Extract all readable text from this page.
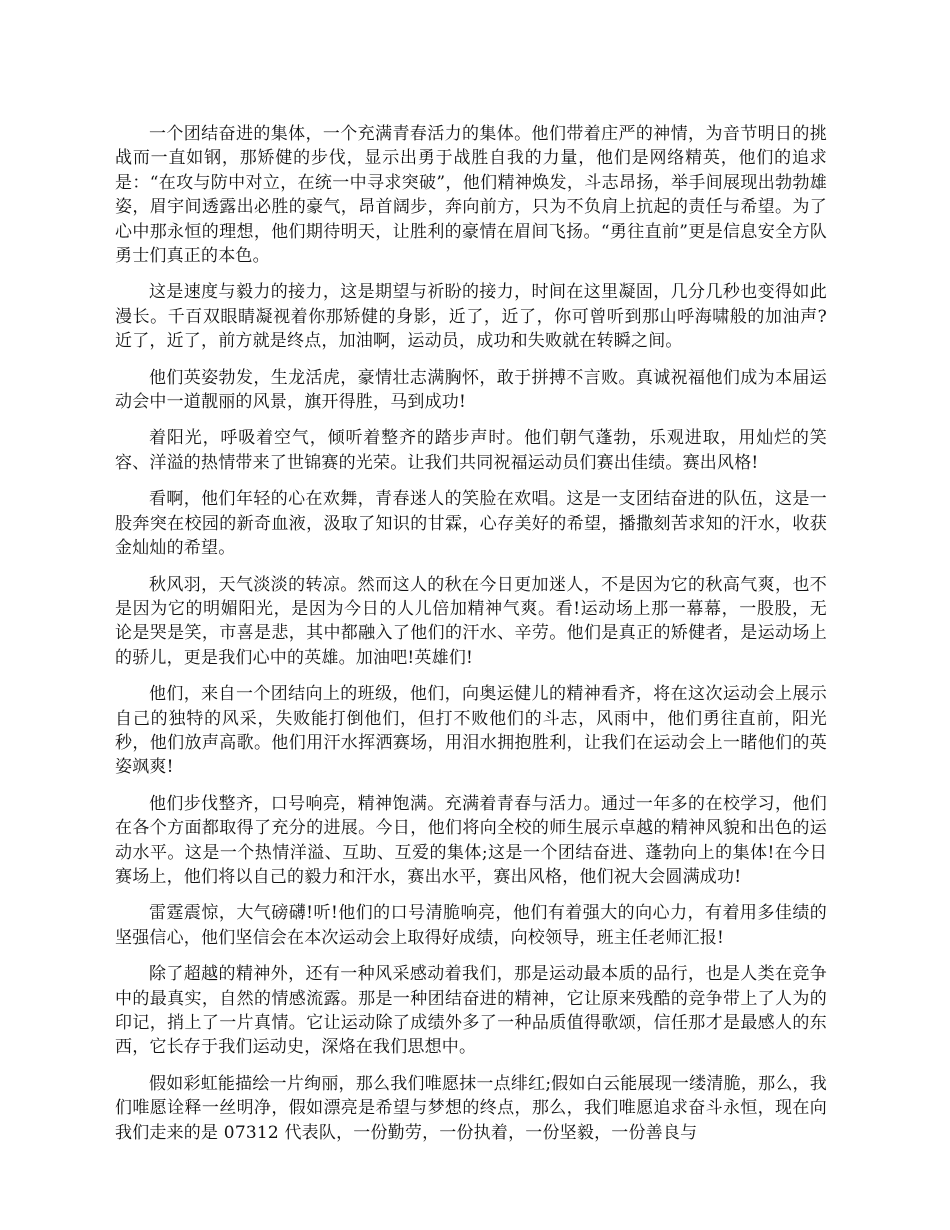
一个团结奋进的集体，一个充满青春活力的集体。他们带着庄严的神情，为音节明日的挑战而一直如钢，那矫健的步伐，显示出勇于战胜自我的力量，他们是网络精英，他们的追求是：“在攻与防中对立，在统一中寻求突破”，他们精神焕发，斗志昂扬，举手间展现出勃勃雄姿，眉宇间透露出必胜的豪气，昂首阔步，奔向前方，只为不负肩上抗起的责任与希望。为了心中那永恒的理想，他们期待明天，让胜利的豪情在眉间飞扬。“勇往直前”更是信息安全方队勇士们真正的本色。

这是速度与毅力的接力，这是期望与祈盼的接力，时间在这里凝固，几分几秒也变得如此漫长。千百双眼睛凝视着你那矫健的身影，近了，近了，你可曾听到那山呼海啸般的加油声?近了，近了，前方就是终点，加油啊，运动员，成功和失败就在转瞬之间。

他们英姿勃发，生龙活虎，豪情壮志满胸怀，敢于拼搏不言败。真诚祝福他们成为本届运动会中一道靓丽的风景，旗开得胜，马到成功!

着阳光，呼吸着空气，倾听着整齐的踏步声时。他们朝气蓬勃，乐观进取，用灿烂的笑容、洋溢的热情带来了世锦赛的光荣。让我们共同祝福运动员们赛出佳绩。赛出风格!

看啊，他们年轻的心在欢舞，青春迷人的笑脸在欢唱。这是一支团结奋进的队伍，这是一股奔突在校园的新奇血液，汲取了知识的甘霖，心存美好的希望，播撒刻苦求知的汗水，收获金灿灿的希望。

秋风羽，天气淡淡的转凉。然而这人的秋在今日更加迷人，不是因为它的秋高气爽，也不是因为它的明媚阳光，是因为今日的人儿倍加精神气爽。看!运动场上那一幕幕，一股股，无论是哭是笑，市喜是悲，其中都融入了他们的汗水、辛劳。他们是真正的矫健者，是运动场上的骄儿，更是我们心中的英雄。加油吧!英雄们!

他们，来自一个团结向上的班级，他们，向奥运健儿的精神看齐，将在这次运动会上展示自己的独特的风采，失败能打倒他们，但打不败他们的斗志，风雨中，他们勇往直前，阳光秒，他们放声高歌。他们用汗水挥洒赛场，用泪水拥抱胜利，让我们在运动会上一睹他们的英姿飒爽!

他们步伐整齐，口号响亮，精神饱满。充满着青春与活力。通过一年多的在校学习，他们在各个方面都取得了充分的进展。今日，他们将向全校的师生展示卓越的精神风貌和出色的运动水平。这是一个热情洋溢、互助、互爱的集体;这是一个团结奋进、蓬勃向上的集体!在今日赛场上，他们将以自己的毅力和汗水，赛出水平，赛出风格，他们祝大会圆满成功!

雷霆震惊，大气磅礴!听!他们的口号清脆响亮，他们有着强大的向心力，有着用多佳绩的坚强信心，他们坚信会在本次运动会上取得好成绩，向校领导，班主任老师汇报!

除了超越的精神外，还有一种风采感动着我们，那是运动最本质的品行，也是人类在竞争中的最真实，自然的情感流露。那是一种团结奋进的精神，它让原来残酷的竞争带上了人为的印记，捎上了一片真情。它让运动除了成绩外多了一种品质值得歌颂，信任那才是最感人的东西，它长存于我们运动史，深烙在我们思想中。

假如彩虹能描绘一片绚丽，那么我们唯愿抹一点绯红;假如白云能展现一缕清脆，那么，我们唯愿诠释一丝明净，假如漂亮是希望与梦想的终点，那么，我们唯愿追求奋斗永恒，现在向我们走来的是 07312 代表队，一份勤劳，一份执着，一份坚毅，一份善良与
